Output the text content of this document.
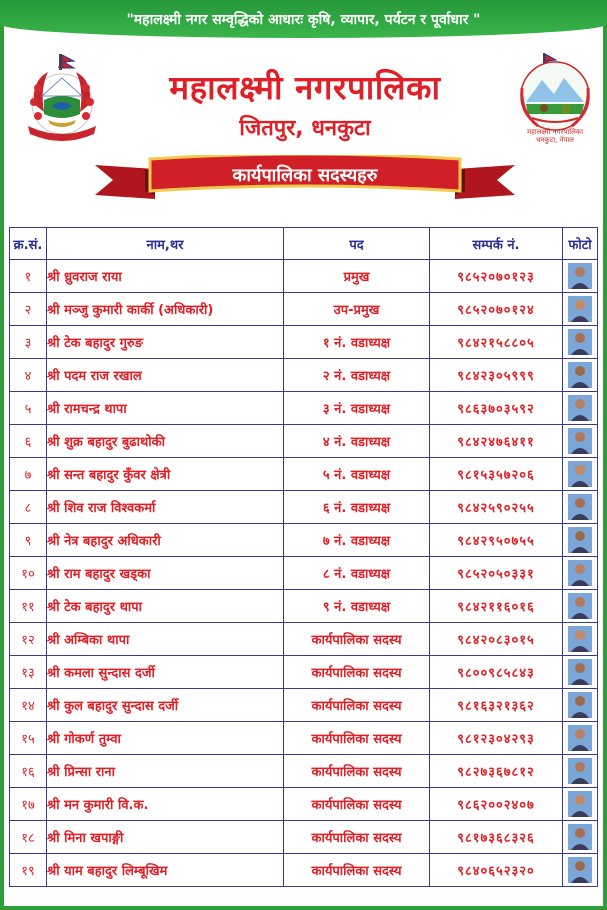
"महालक्ष्मी नगर सम्वृद्धिको आधारः कृषि, व्यापार, पर्यटन र पूर्वाधार "
महालक्ष्मी नगरपालिका
धनकुटा, नेपाल
महालक्ष्मी नगरपालिका
जितपुर, धनकुटा
कार्यपालिका सदस्यहरु
क्र.सं.	नाम,थर	पद	सम्पर्क नं.	फोटो
१	श्री ध्रुवराज राया	प्रमुख	९८५२०७०१२३	
२	श्री मञ्जु कुमारी कार्की (अधिकारी)	उप-प्रमुख	९८५२०७०१२४	
३	श्री टेक बहादुर गुरुङ	१ नं. वडाध्यक्ष	९८४२१५८८०५	
४	श्री पदम राज रखाल	२ नं. वडाध्यक्ष	९८४२३०५९९९	
५	श्री रामचन्द्र थापा	३ नं. वडाध्यक्ष	९८६३७०३५९२	
६	श्री शुक्र बहादुर बुढाथोकी	४ नं. वडाध्यक्ष	९८४२४७६४११	
७	श्री सन्त बहादुर कुँवर क्षेत्री	५ नं. वडाध्यक्ष	९८१५३५७२०६	
८	श्री शिव राज विश्वकर्मा	६ नं. वडाध्यक्ष	९८४२५९०२५५	
९	श्री नेत्र बहादुर अधिकारी	७ नं. वडाध्यक्ष	९८४२९५०७५५	
१०	श्री राम बहादुर खड्का	८ नं. वडाध्यक्ष	९८५२०५०३३१	
११	श्री टेक बहादुर थापा	९ नं. वडाध्यक्ष	९८४२११६०१६	
१२	श्री अम्बिका थापा	कार्यपालिका सदस्य	९८४२०८३०१५	
१३	श्री कमला सुन्दास दर्जी	कार्यपालिका सदस्य	९८००९८५८४३	
१४	श्री कुल बहादुर सुन्दास दर्जी	कार्यपालिका सदस्य	९८१६३२१३६२	
१५	श्री गोकर्ण तुम्वा	कार्यपालिका सदस्य	९८१२३०४२९३	
१६	श्री प्रिन्सा राना	कार्यपालिका सदस्य	९८२७३६७८१२	
१७	श्री मन कुमारी वि.क.	कार्यपालिका सदस्य	९८६२००२४०७	
१८	श्री मिना खपाङ्गी	कार्यपालिका सदस्य	९८१७३६८३२६	
१९	श्री याम बहादुर लिम्बूखिम	कार्यपालिका सदस्य	९८४०६५२३२०	
